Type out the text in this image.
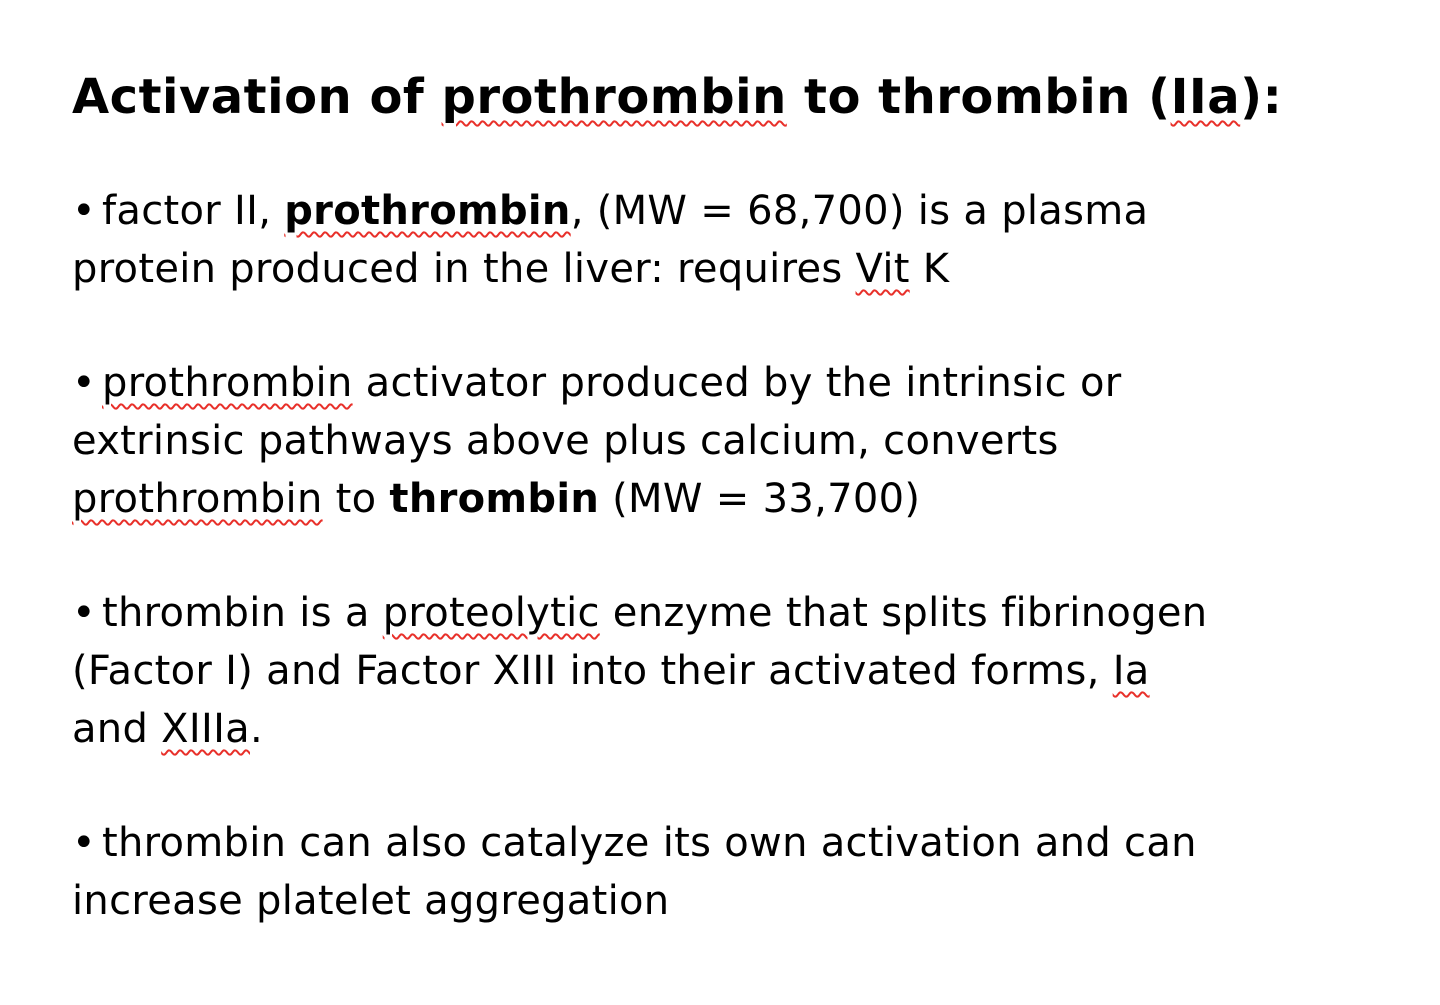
Activation of prothrombin to thrombin (IIa):
• factor II, prothrombin, (MW = 68,700) is a plasma
protein produced in the liver: requires Vit K
• prothrombin activator produced by the intrinsic or
extrinsic pathways above plus calcium, converts
prothrombin to thrombin (MW = 33,700)
• thrombin is a proteolytic enzyme that splits fibrinogen
(Factor I) and Factor XIII into their activated forms, Ia
and XIIIa.
• thrombin can also catalyze its own activation and can
increase platelet aggregation
